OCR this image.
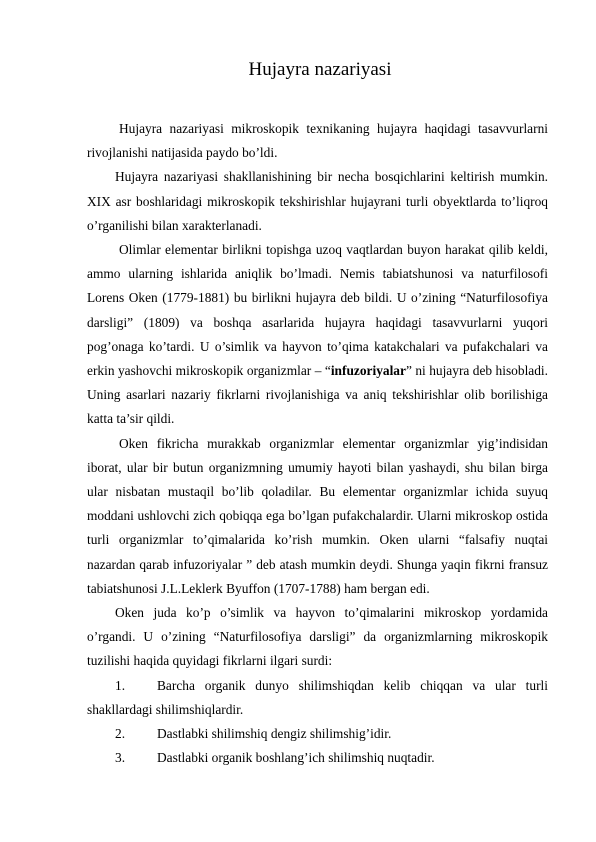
Hujayra nazariyasi

Hujayra nazariyasi mikroskopik texnikaning hujayra haqidagi tasavvurlarni rivojlanishi natijasida paydo bo’ldi.

Hujayra nazariyasi shakllanishining bir necha bosqichlarini keltirish mumkin. XIX asr boshlaridagi mikroskopik tekshirishlar hujayrani turli obyektlarda to’liqroq o’rganilishi bilan xarakterlanadi.

Olimlar elementar birlikni topishga uzoq vaqtlardan buyon harakat qilib keldi, ammo ularning ishlarida aniqlik bo’lmadi. Nemis tabiatshunosi va naturfilosofi Lorens Oken (1779-1881) bu birlikni hujayra deb bildi. U o’zining “Naturfilosofiya darsligi” (1809) va boshqa asarlarida hujayra haqidagi tasavvurlarni yuqori pog’onaga ko’tardi. U o’simlik va hayvon to’qima katakchalari va pufakchalari va erkin yashovchi mikroskopik organizmlar – “infuzoriyalar” ni hujayra deb hisobladi. Uning asarlari nazariy fikrlarni rivojlanishiga va aniq tekshirishlar olib borilishiga katta ta’sir qildi.

Oken fikricha murakkab organizmlar elementar organizmlar yig’indisidan iborat, ular bir butun organizmning umumiy hayoti bilan yashaydi, shu bilan birga ular nisbatan mustaqil bo’lib qoladilar. Bu elementar organizmlar ichida suyuq moddani ushlovchi zich qobiqqa ega bo’lgan pufakchalardir. Ularni mikroskop ostida turli organizmlar to’qimalarida ko’rish mumkin. Oken ularni “falsafiy nuqtai nazardan qarab infuzoriyalar ” deb atash mumkin deydi. Shunga yaqin fikrni fransuz tabiatshunosi J.L.Leklerk Byuffon (1707-1788) ham bergan edi.

Oken juda ko’p o’simlik va hayvon to’qimalarini mikroskop yordamida o’rgandi. U o’zining “Naturfilosofiya darsligi” da organizmlarning mikroskopik tuzilishi haqida quyidagi fikrlarni ilgari surdi:

1. Barcha organik dunyo shilimshiqdan kelib chiqqan va ular turli shakllardagi shilimshiqlardir.
2. Dastlabki shilimshiq dengiz shilimshig’idir.
3. Dastlabki organik boshlang’ich shilimshiq nuqtadir.
